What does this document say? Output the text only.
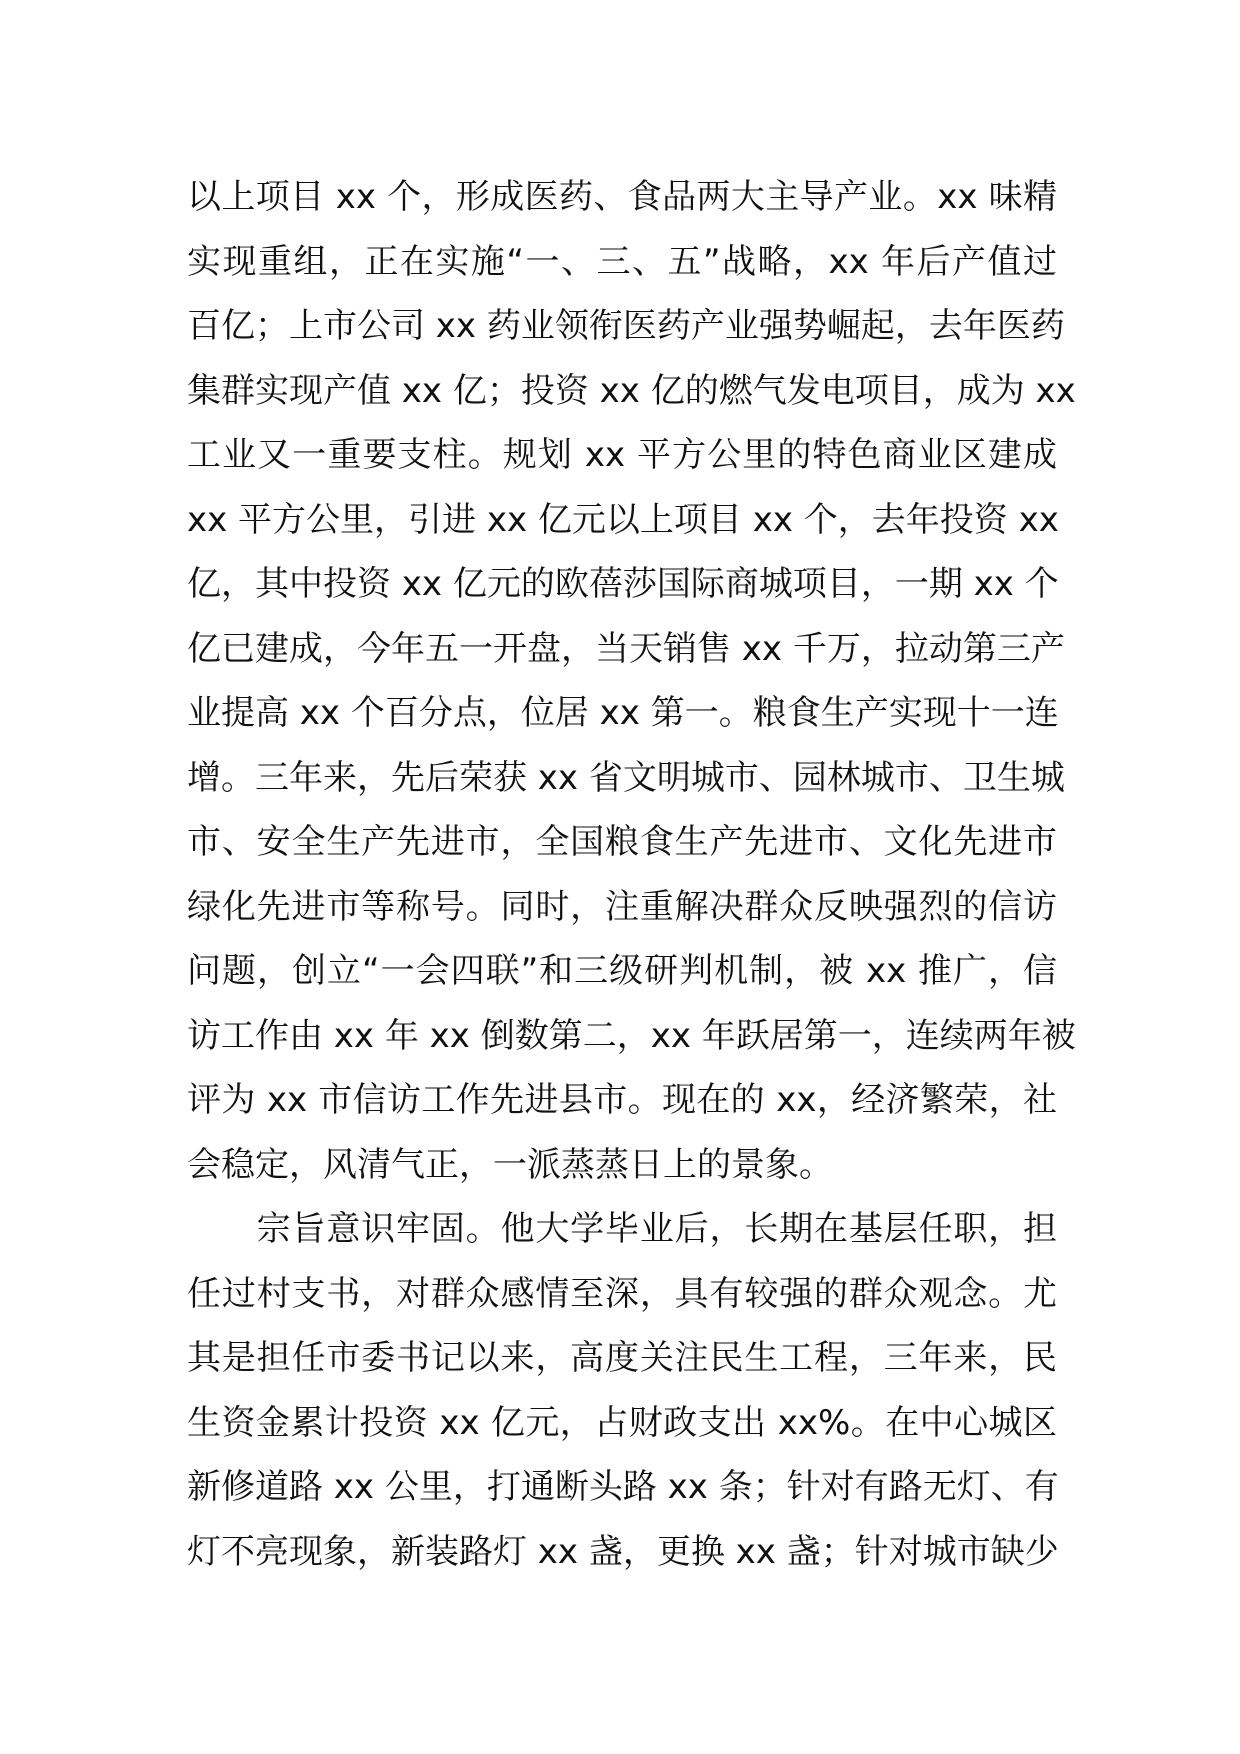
以上项目 xx 个，形成医药、食品两大主导产业。xx 味精
实现重组，正在实施“一、三、五”战略，xx 年后产值过
百亿；上市公司 xx 药业领衔医药产业强势崛起，去年医药
集群实现产值 xx 亿；投资 xx 亿的燃气发电项目，成为 xx
工业又一重要支柱。规划 xx 平方公里的特色商业区建成
xx 平方公里，引进 xx 亿元以上项目 xx 个，去年投资 xx
亿，其中投资 xx 亿元的欧蓓莎国际商城项目，一期 xx 个
亿已建成，今年五一开盘，当天销售 xx 千万，拉动第三产
业提高 xx 个百分点，位居 xx 第一。粮食生产实现十一连
增。三年来，先后荣获 xx 省文明城市、园林城市、卫生城
市、安全生产先进市，全国粮食生产先进市、文化先进市
绿化先进市等称号。同时，注重解决群众反映强烈的信访
问题，创立“一会四联”和三级研判机制，被 xx 推广，信
访工作由 xx 年 xx 倒数第二，xx 年跃居第一，连续两年被
评为 xx 市信访工作先进县市。现在的 xx，经济繁荣，社
会稳定，风清气正，一派蒸蒸日上的景象。
　　宗旨意识牢固。他大学毕业后，长期在基层任职，担
任过村支书，对群众感情至深，具有较强的群众观念。尤
其是担任市委书记以来，高度关注民生工程，三年来，民
生资金累计投资 xx 亿元，占财政支出 xx%。在中心城区
新修道路 xx 公里，打通断头路 xx 条；针对有路无灯、有
灯不亮现象，新装路灯 xx 盏，更换 xx 盏；针对城市缺少
